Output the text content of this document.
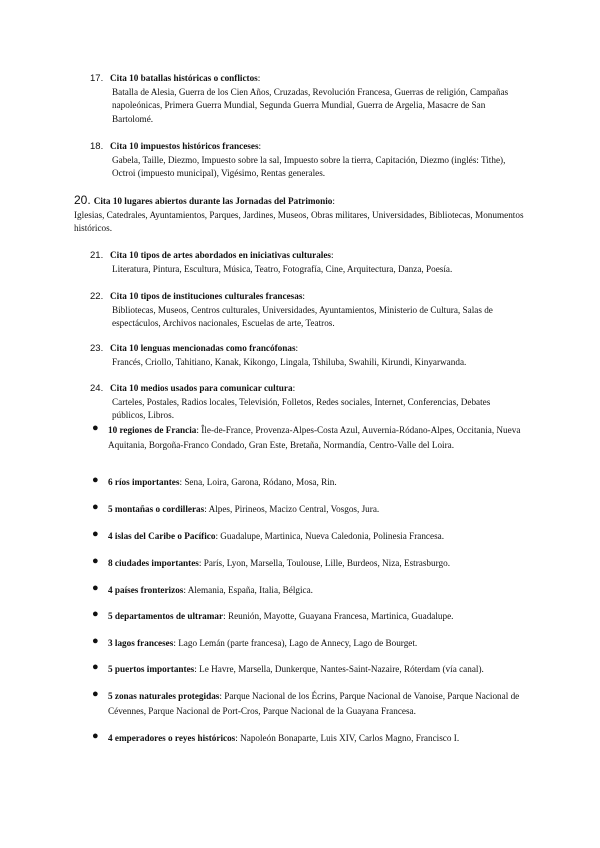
17. Cita 10 batallas históricas o conflictos:
Batalla de Alesia, Guerra de los Cien Años, Cruzadas, Revolución Francesa, Guerras de religión, Campañas napoleónicas, Primera Guerra Mundial, Segunda Guerra Mundial, Guerra de Argelia, Masacre de San Bartolomé.
18. Cita 10 impuestos históricos franceses:
Gabela, Taille, Diezmo, Impuesto sobre la sal, Impuesto sobre la tierra, Capitación, Diezmo (inglés: Tithe), Octroi (impuesto municipal), Vigésimo, Rentas generales.
20. Cita 10 lugares abiertos durante las Jornadas del Patrimonio:
Iglesias, Catedrales, Ayuntamientos, Parques, Jardines, Museos, Obras militares, Universidades, Bibliotecas, Monumentos históricos.
21. Cita 10 tipos de artes abordados en iniciativas culturales:
Literatura, Pintura, Escultura, Música, Teatro, Fotografía, Cine, Arquitectura, Danza, Poesía.
22. Cita 10 tipos de instituciones culturales francesas:
Bibliotecas, Museos, Centros culturales, Universidades, Ayuntamientos, Ministerio de Cultura, Salas de espectáculos, Archivos nacionales, Escuelas de arte, Teatros.
23. Cita 10 lenguas mencionadas como francófonas:
Francés, Criollo, Tahitiano, Kanak, Kikongo, Lingala, Tshiluba, Swahili, Kirundi, Kinyarwanda.
24. Cita 10 medios usados para comunicar cultura:
Carteles, Postales, Radios locales, Televisión, Folletos, Redes sociales, Internet, Conferencias, Debates públicos, Libros.
● 10 regiones de Francia: Île-de-France, Provenza-Alpes-Costa Azul, Auvernia-Ródano-Alpes, Occitania, Nueva Aquitania, Borgoña-Franco Condado, Gran Este, Bretaña, Normandía, Centro-Valle del Loira.
● 6 ríos importantes: Sena, Loira, Garona, Ródano, Mosa, Rin.
● 5 montañas o cordilleras: Alpes, Pirineos, Macizo Central, Vosgos, Jura.
● 4 islas del Caribe o Pacífico: Guadalupe, Martinica, Nueva Caledonia, Polinesia Francesa.
● 8 ciudades importantes: París, Lyon, Marsella, Toulouse, Lille, Burdeos, Niza, Estrasburgo.
● 4 países fronterizos: Alemania, España, Italia, Bélgica.
● 5 departamentos de ultramar: Reunión, Mayotte, Guayana Francesa, Martinica, Guadalupe.
● 3 lagos franceses: Lago Lemán (parte francesa), Lago de Annecy, Lago de Bourget.
● 5 puertos importantes: Le Havre, Marsella, Dunkerque, Nantes-Saint-Nazaire, Róterdam (vía canal).
● 5 zonas naturales protegidas: Parque Nacional de los Écrins, Parque Nacional de Vanoise, Parque Nacional de Cévennes, Parque Nacional de Port-Cros, Parque Nacional de la Guayana Francesa.
● 4 emperadores o reyes históricos: Napoleón Bonaparte, Luis XIV, Carlos Magno, Francisco I.
